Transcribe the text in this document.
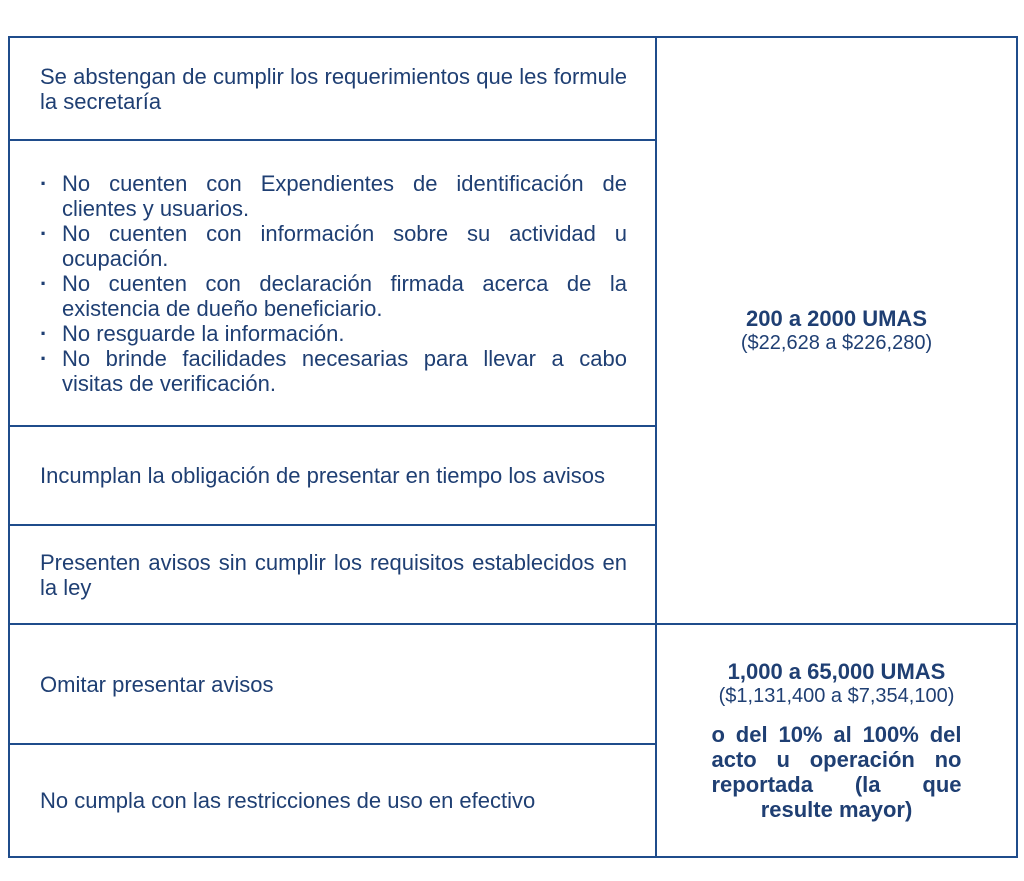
Se abstengan de cumplir los requerimientos que les formule la secretaría
· No cuenten con Expendientes de identificación de clientes y usuarios.
· No cuenten con información sobre su actividad u ocupación.
· No cuenten con declaración firmada acerca de la existencia de dueño beneficiario.
· No resguarde la información.
· No brinde facilidades necesarias para llevar a cabo visitas de verificación.
Incumplan la obligación de presentar en tiempo los avisos
Presenten avisos sin cumplir los requisitos establecidos en la ley
200 a 2000 UMAS
($22,628 a $226,280)
Omitar presentar avisos
No cumpla con las restricciones de uso en efectivo
1,000 a 65,000 UMAS
($1,131,400 a $7,354,100)
o del 10% al 100% del acto u operación no reportada (la que resulte mayor)
